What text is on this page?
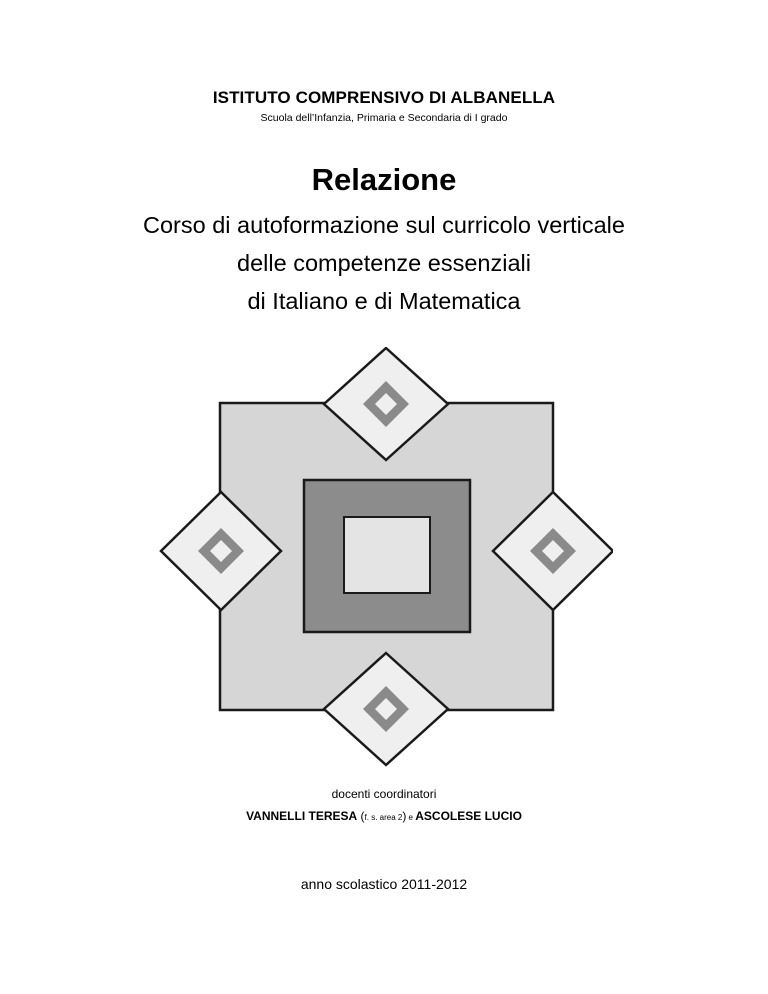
ISTITUTO COMPRENSIVO DI ALBANELLA
Scuola dell’Infanzia, Primaria e Secondaria di I grado
Relazione
Corso di autoformazione sul curricolo verticale
delle competenze essenziali
di Italiano e di Matematica
docenti coordinatori
VANNELLI TERESA (f. s. area 2) e ASCOLESE LUCIO
anno scolastico 2011-2012
